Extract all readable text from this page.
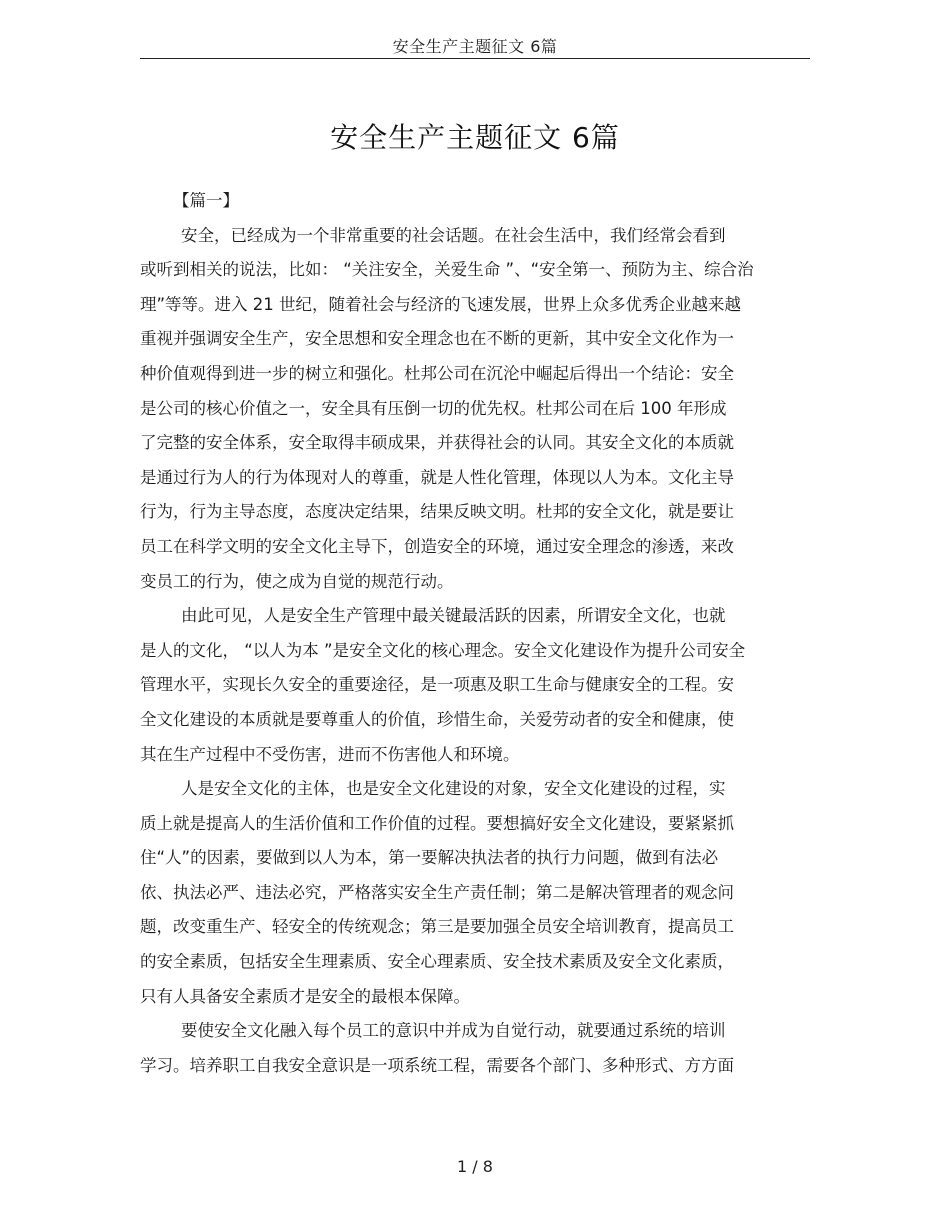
安全生产主题征文 6篇
安全生产主题征文 6篇

【篇一】

安全，已经成为一个非常重要的社会话题。在社会生活中，我们经常会看到
或听到相关的说法，比如： “关注安全，关爱生命 ”、“安全第一、预防为主、综合治
理”等等。进入 21 世纪，随着社会与经济的飞速发展，世界上众多优秀企业越来越
重视并强调安全生产，安全思想和安全理念也在不断的更新，其中安全文化作为一
种价值观得到进一步的树立和强化。杜邦公司在沉沦中崛起后得出一个结论：安全
是公司的核心价值之一，安全具有压倒一切的优先权。杜邦公司在后 100 年形成
了完整的安全体系，安全取得丰硕成果，并获得社会的认同。其安全文化的本质就
是通过行为人的行为体现对人的尊重，就是人性化管理，体现以人为本。文化主导
行为，行为主导态度，态度决定结果，结果反映文明。杜邦的安全文化，就是要让
员工在科学文明的安全文化主导下，创造安全的环境，通过安全理念的渗透，来改
变员工的行为，使之成为自觉的规范行动。
由此可见，人是安全生产管理中最关键最活跃的因素，所谓安全文化，也就
是人的文化， “以人为本 ”是安全文化的核心理念。安全文化建设作为提升公司安全
管理水平，实现长久安全的重要途径，是一项惠及职工生命与健康安全的工程。安
全文化建设的本质就是要尊重人的价值，珍惜生命，关爱劳动者的安全和健康，使
其在生产过程中不受伤害，进而不伤害他人和环境。
人是安全文化的主体，也是安全文化建设的对象，安全文化建设的过程，实
质上就是提高人的生活价值和工作价值的过程。要想搞好安全文化建设，要紧紧抓
住“人”的因素，要做到以人为本，第一要解决执法者的执行力问题，做到有法必
依、执法必严、违法必究，严格落实安全生产责任制；第二是解决管理者的观念问
题，改变重生产、轻安全的传统观念；第三是要加强全员安全培训教育，提高员工
的安全素质，包括安全生理素质、安全心理素质、安全技术素质及安全文化素质，
只有人具备安全素质才是安全的最根本保障。
要使安全文化融入每个员工的意识中并成为自觉行动，就要通过系统的培训
学习。培养职工自我安全意识是一项系统工程，需要各个部门、多种形式、方方面
1 / 8
